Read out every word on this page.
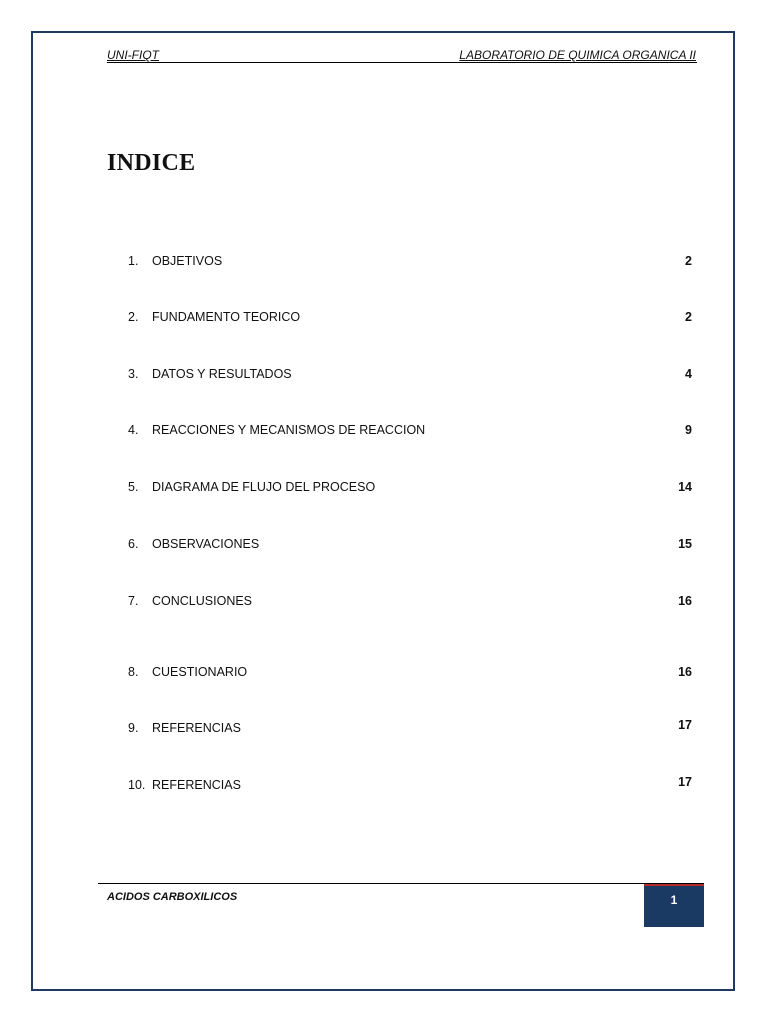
UNI-FIQT	LABORATORIO DE QUIMICA ORGANICA II
INDICE
1.	OBJETIVOS	2
2.	FUNDAMENTO TEORICO	2
3.	DATOS Y RESULTADOS	4
4.	REACCIONES Y MECANISMOS DE REACCION	9
5.	DIAGRAMA DE FLUJO DEL PROCESO	14
6.	OBSERVACIONES	15
7.	CONCLUSIONES	16
8.	CUESTIONARIO	16
9.	REFERENCIAS	17
10. REFERENCIAS	17
ACIDOS CARBOXILICOS	1
